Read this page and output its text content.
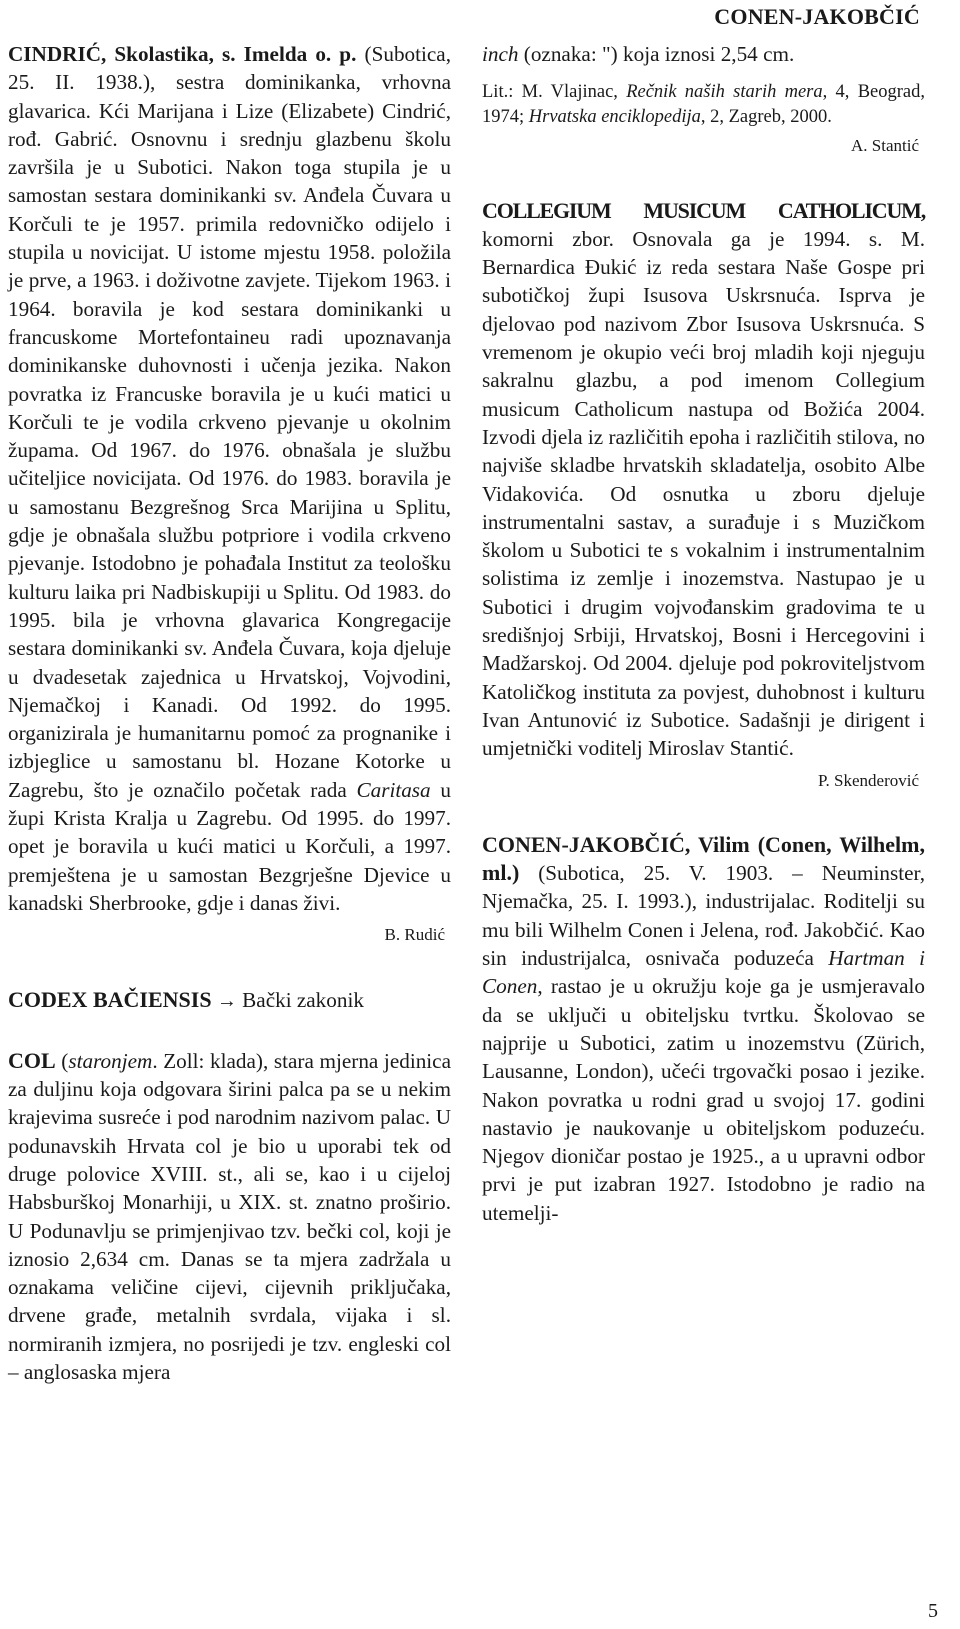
CONEN-JAKOBČIĆ

CINDRIĆ, Skolastika, s. Imelda o. p. (Subotica, 25. II. 1938.), sestra dominikanka, vrhovna glavarica. Kći Marijana i Lize (Elizabete) Cindrić, rođ. Gabrić. Osnovnu i srednju glazbenu školu završila je u Subotici. Nakon toga stupila je u samostan sestara dominikanki sv. Anđela Čuvara u Korčuli te je 1957. primila redovničko odijelo i stupila u novicijat. U istome mjestu 1958. položila je prve, a 1963. i doživotne zavjete. Tijekom 1963. i 1964. boravila je kod sestara dominikanki u francuskome Mortefontaineu radi upoznavanja dominikanske duhovnosti i učenja jezika. Nakon povratka iz Francuske boravila je u kući matici u Korčuli te je vodila crkveno pjevanje u okolnim župama. Od 1967. do 1976. obnašala je službu učiteljice novicijata. Od 1976. do 1983. boravila je u samostanu Bezgrešnog Srca Marijina u Splitu, gdje je obnašala službu potpriore i vodila crkveno pjevanje. Istodobno je pohađala Institut za teološku kulturu laika pri Nadbiskupiji u Splitu. Od 1983. do 1995. bila je vrhovna glavarica Kongregacije sestara dominikanki sv. Anđela Čuvara, koja djeluje u dvadesetak zajednica u Hrvatskoj, Vojvodini, Njemačkoj i Kanadi. Od 1992. do 1995. organizirala je humanitarnu pomoć za prognanike i izbjeglice u samostanu bl. Hozane Kotorke u Zagrebu, što je označilo početak rada Caritasa u župi Krista Kralja u Zagrebu. Od 1995. do 1997. opet je boravila u kući matici u Korčuli, a 1997. premještena je u samostan Bezgrješne Djevice u kanadski Sherbrooke, gdje i danas živi.

B. Rudić

CODEX BAČIENSIS → Bački zakonik

COL (staronjem. Zoll: klada), stara mjerna jedinica za duljinu koja odgovara širini palca pa se u nekim krajevima susreće i pod narodnim nazivom palac. U podunavskih Hrvata col je bio u uporabi tek od druge polovice XVIII. st., ali se, kao i u cijeloj Habsburškoj Monarhiji, u XIX. st. znatno proširio. U Podunavlju se primjenjivao tzv. bečki col, koji je iznosio 2,634 cm. Danas se ta mjera zadržala u oznakama veličine cijevi, cijevnih priključaka, drvene građe, metalnih svrdala, vijaka i sl. normiranih izmjera, no posrijedi je tzv. engleski col – anglosaska mjera

inch (oznaka: ") koja iznosi 2,54 cm.

Lit.: M. Vlajinac, Rečnik naših starih mera, 4, Beograd, 1974; Hrvatska enciklopedija, 2, Zagreb, 2000.

A. Stantić

COLLEGIUM MUSICUM CATHOLICUM, komorni zbor. Osnovala ga je 1994. s. M. Bernardica Đukić iz reda sestara Naše Gospe pri subotičkoj župi Isusova Uskrsnuća. Isprva je djelovao pod nazivom Zbor Isusova Uskrsnuća. S vremenom je okupio veći broj mladih koji njeguju sakralnu glazbu, a pod imenom Collegium musicum Catholicum nastupa od Božića 2004. Izvodi djela iz različitih epoha i različitih stilova, no najviše skladbe hrvatskih skladatelja, osobito Albe Vidakovića. Od osnutka u zboru djeluje instrumentalni sastav, a surađuje i s Muzičkom školom u Subotici te s vokalnim i instrumentalnim solistima iz zemlje i inozemstva. Nastupao je u Subotici i drugim vojvođanskim gradovima te u središnjoj Srbiji, Hrvatskoj, Bosni i Hercegovini i Madžarskoj. Od 2004. djeluje pod pokroviteljstvom Katoličkog instituta za povjest, duhobnost i kulturu Ivan Antunović iz Subotice. Sadašnji je dirigent i umjetnički voditelj Miroslav Stantić.

P. Skenderović

CONEN-JAKOBČIĆ, Vilim (Conen, Wilhelm, ml.) (Subotica, 25. V. 1903. – Neuminster, Njemačka, 25. I. 1993.), industrijalac. Roditelji su mu bili Wilhelm Conen i Jelena, rođ. Jakobčić. Kao sin industrijalca, osnivača poduzeća Hartman i Conen, rastao je u okružju koje ga je usmjeravalo da se uključi u obiteljsku tvrtku. Školovao se najprije u Subotici, zatim u inozemstvu (Zürich, Lausanne, London), učeći trgovački posao i jezike. Nakon povratka u rodni grad u svojoj 17. godini nastavio je naukovanje u obiteljskom poduzeću. Njegov dioničar postao je 1925., a u upravni odbor prvi je put izabran 1927. Istodobno je radio na utemelji-

5
